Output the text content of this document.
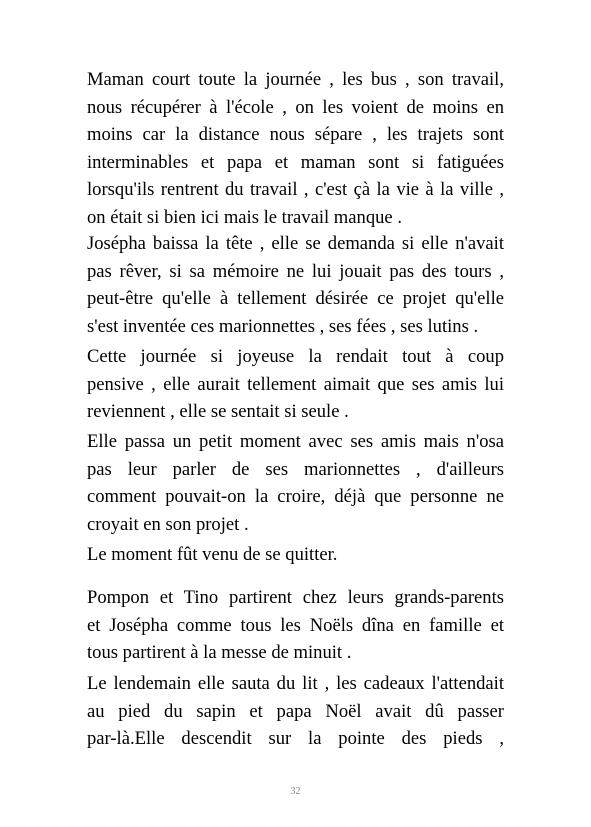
Maman court toute la journée , les bus , son travail,
nous récupérer à l'école , on les voient de moins en
moins car la distance nous sépare , les trajets sont
interminables et papa et maman sont si fatiguées
lorsqu'ils rentrent du travail , c'est çà la vie à la ville ,
on était si bien ici mais le travail manque .
Josépha baissa la tête , elle se demanda si elle n'avait
pas rêver, si sa mémoire ne lui jouait pas des tours ,
peut-être qu'elle à tellement désirée ce projet qu'elle
s'est inventée ces marionnettes , ses fées , ses lutins .
Cette journée si joyeuse la rendait tout à coup
pensive , elle aurait tellement aimait que ses amis lui
reviennent , elle se sentait si seule .
Elle passa un petit moment avec ses amis mais n'osa
pas leur parler de ses marionnettes , d'ailleurs
comment pouvait-on la croire, déjà que personne ne
croyait en son projet .
Le moment fût venu de se quitter.
Pompon et Tino partirent chez leurs grands-parents
et Josépha comme tous les Noëls dîna en famille et
tous partirent à la messe de minuit .
Le lendemain elle sauta du lit , les cadeaux l'attendait
au pied du sapin et papa Noël avait dû passer
par-là.Elle descendit sur la pointe des pieds ,
32
